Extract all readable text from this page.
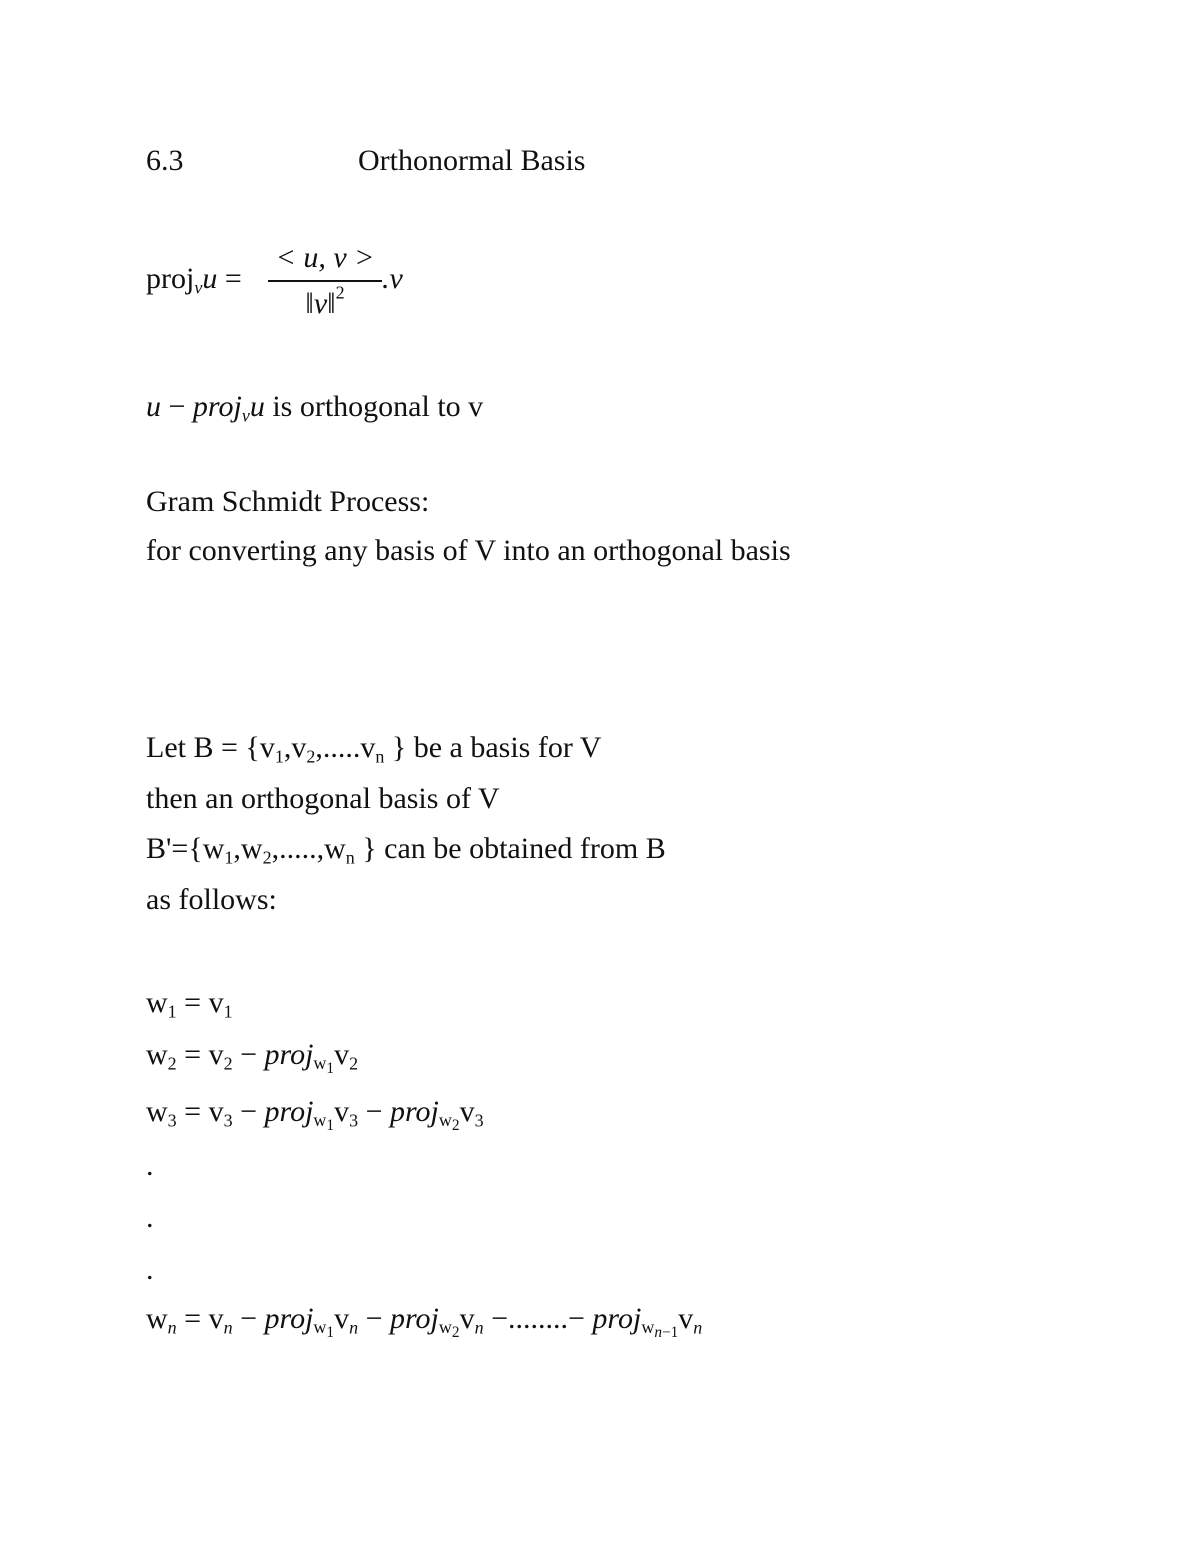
6.3	Orthonormal Basis
proj$_v$u =
< u, v >
‖v‖$^2$	.v
u − proj$_v$u is orthogonal to v
Gram Schmidt Process:
for converting any basis of V into an orthogonal basis
Let $B = \{v_1,v_2,.....v_n$ } be a basis for V
then an orthogonal basis of V
$B'=\{w_1,w_2,.....,w_n$ } can be obtained from B
as follows:
$w_1 = v_1$
$w_2 = v_2$ − $proj_{w_1}v_2$
$w_3 = v_3$ − $proj_{w_1}v_3$ − $proj_{w_2}v_3$
.
.
.
$w_n = v_n$ − $proj_{w_1}v_n$ − $proj_{w_2}v_n$ −........− $proj_{w_{n-1}}v_n$
